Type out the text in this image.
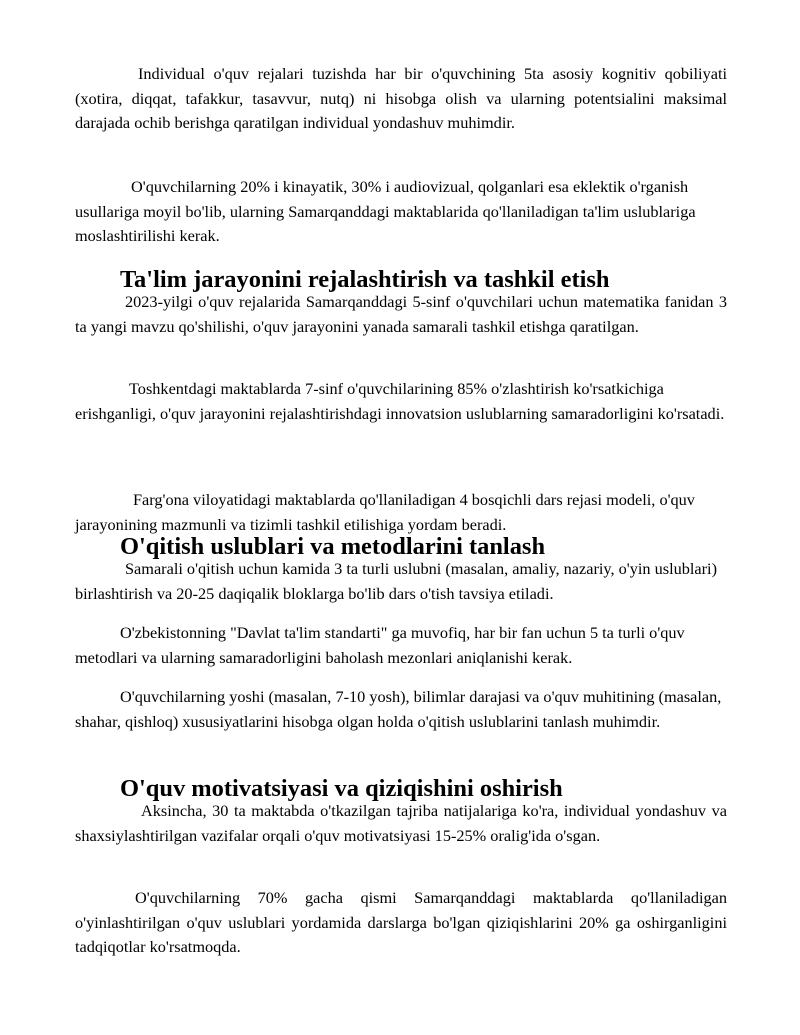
Individual o'quv rejalari tuzishda har bir o'quvchining 5ta asosiy kognitiv qobiliyati (xotira, diqqat, tafakkur, tasavvur, nutq) ni hisobga olish va ularning potentsialini maksimal darajada ochib berishga qaratilgan individual yondashuv muhimdir.

O'quvchilarning 20% i kinayatik, 30% i audiovizual, qolganlari esa eklektik o'rganish usullariga moyil bo'lib, ularning Samarqanddagi maktablarida qo'llaniladigan ta'lim uslublariga moslashtirilishi kerak.

Ta'lim jarayonini rejalashtirish va tashkil etish

2023-yilgi o'quv rejalarida Samarqanddagi 5-sinf o'quvchilari uchun matematika fanidan 3 ta yangi mavzu qo'shilishi, o'quv jarayonini yanada samarali tashkil etishga qaratilgan.

Toshkentdagi maktablarda 7-sinf o'quvchilarining 85% o'zlashtirish ko'rsatkichiga erishganligi, o'quv jarayonini rejalashtirishdagi innovatsion uslublarning samaradorligini ko'rsatadi.

Farg'ona viloyatidagi maktablarda qo'llaniladigan 4 bosqichli dars rejasi modeli, o'quv jarayonining mazmunli va tizimli tashkil etilishiga yordam beradi.

O'qitish uslublari va metodlarini tanlash

Samarali o'qitish uchun kamida 3 ta turli uslubni (masalan, amaliy, nazariy, o'yin uslublari) birlashtirish va 20-25 daqiqalik bloklarga bo'lib dars o'tish tavsiya etiladi.

O'zbekistonning "Davlat ta'lim standarti" ga muvofiq, har bir fan uchun 5 ta turli o'quv metodlari va ularning samaradorligini baholash mezonlari aniqlanishi kerak.

O'quvchilarning yoshi (masalan, 7-10 yosh), bilimlar darajasi va o'quv muhitining (masalan, shahar, qishloq) xususiyatlarini hisobga olgan holda o'qitish uslublarini tanlash muhimdir.

O'quv motivatsiyasi va qiziqishini oshirish

Aksincha, 30 ta maktabda o'tkazilgan tajriba natijalariga ko'ra, individual yondashuv va shaxsiylashtirilgan vazifalar orqali o'quv motivatsiyasi 15-25% oralig'ida o'sgan.

O'quvchilarning 70% gacha qismi Samarqanddagi maktablarda qo'llaniladigan o'yinlashtirilgan o'quv uslublari yordamida darslarga bo'lgan qiziqishlarini 20% ga oshirganligini tadqiqotlar ko'rsatmoqda.
